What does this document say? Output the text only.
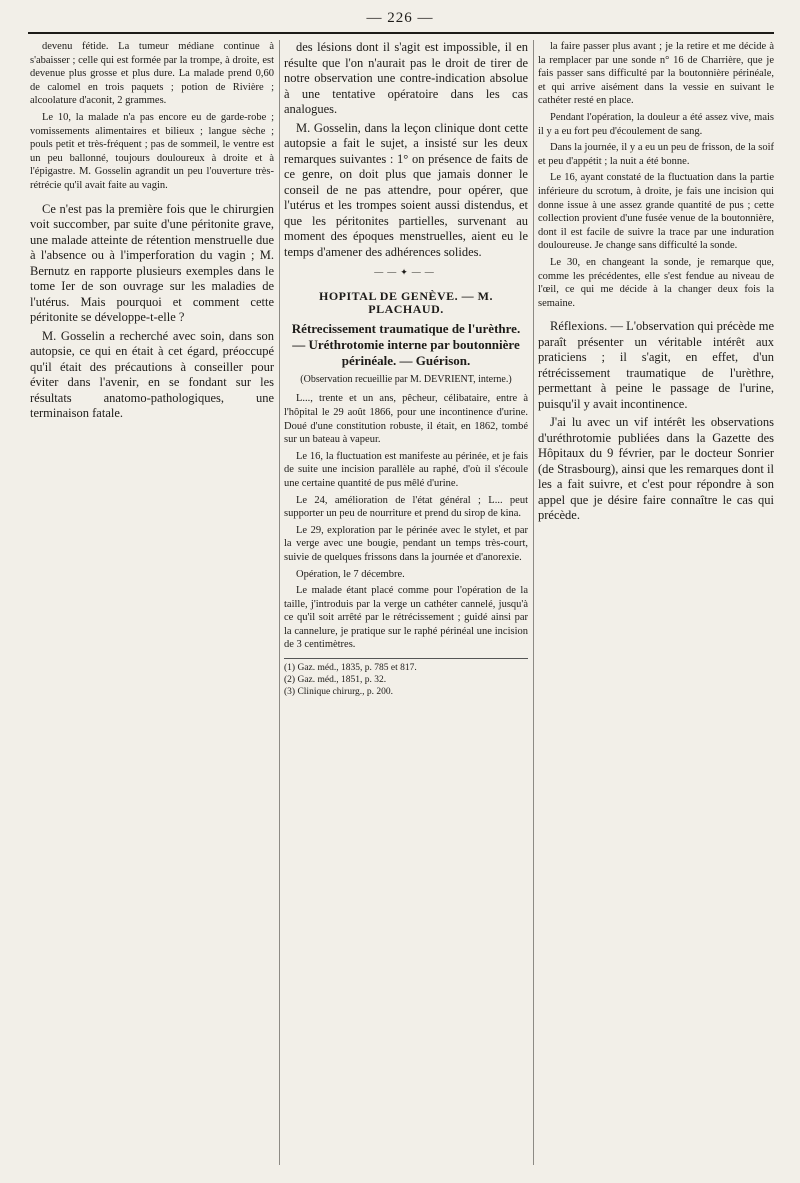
— 226 —

devenu fétide. La tumeur médiane continue à s'abaisser ; celle qui est formée par la trompe, à droite, est devenue plus grosse et plus dure. La malade prend 0,60 de calomel en trois paquets ; potion de Rivière ; alcoolature d'aconit, 2 grammes.

Le 10, la malade n'a pas encore eu de garde-robe ; vomissements alimentaires et bilieux ; langue sèche ; pouls petit et très-fréquent ; pas de sommeil, le ventre est un peu ballonné, toujours douloureux à droite et à l'épigastre. M. Gosselin agrandit un peu l'ouverture très-rétrécie qu'il avait faite au vagin.

Ce n'est pas la première fois que le chirurgien voit succomber, par suite d'une péritonite grave, une malade atteinte de rétention menstruelle due à l'absence ou à l'imperforation du vagin ; M. Bernutz en rapporte plusieurs exemples dans le tome Ier de son ouvrage sur les maladies de l'utérus. Mais pourquoi et comment cette péritonite se développe-t-elle ?

M. Gosselin a recherché avec soin, dans son autopsie, ce qui en était à cet égard, préoccupé qu'il était des précautions à conseiller pour éviter dans l'avenir, en se fondant sur les résultats anatomo-pathologiques, une terminaison fatale.

des lésions dont il s'agit est impossible, il en résulte que l'on n'aurait pas le droit de tirer de notre observation une contre-indication absolue à une tentative opératoire dans les cas analogues.

M. Gosselin, dans la leçon clinique dont cette autopsie a fait le sujet, a insisté sur les deux remarques suivantes : 1° on présence de faits de ce genre, on doit plus que jamais donner le conseil de ne pas attendre, pour opérer, que l'utérus et les trompes soient aussi distendus, et que les péritonites partielles, survenant au moment des époques menstruelles, aient eu le temps d'amener des adhérences solides.

——✦——

HOPITAL DE GENÈVE. — M. PLACHAUD.

Rétrecissement traumatique de l'urèthre. — Uréthrotomie interne par boutonnière périnéale. — Guérison.

(Observation recueillie par M. DEVRIENT, interne.)

L..., trente et un ans, pêcheur, célibataire, entre à l'hôpital le 29 août 1866, pour une incontinence d'urine. Doué d'une constitution robuste, il était, en 1862, tombé sur un bateau à vapeur.

Le 16, la fluctuation est manifeste au périnée, et je fais de suite une incision parallèle au raphé, d'où il s'écoule une certaine quantité de pus mêlé d'urine.

Le 24, amélioration de l'état général ; L... peut supporter un peu de nourriture et prend du sirop de kina.

Le 29, exploration par le périnée avec le stylet, et par la verge avec une bougie, pendant un temps très-court, suivie de quelques frissons dans la journée et d'anorexie.

Opération, le 7 décembre.

Le malade étant placé comme pour l'opération de la taille, j'introduis par la verge un cathéter cannelé, jusqu'à ce qu'il soit arrêté par le rétrécissement ; guidé ainsi par la cannelure, je pratique sur le raphé périnéal une incision de 3 centimètres.

(1) Gaz. méd., 1835, p. 785 et 817.
(2) Gaz. méd., 1851, p. 32.
(3) Clinique chirurg., p. 200.

la faire passer plus avant ; je la retire et me décide à la remplacer par une sonde n° 16 de Charrière, que je fais passer sans difficulté par la boutonnière périnéale, et qui arrive aisément dans la vessie en suivant le cathéter resté en place.

Pendant l'opération, la douleur a été assez vive, mais il y a eu fort peu d'écoulement de sang.

Dans la journée, il y a eu un peu de frisson, de la soif et peu d'appétit ; la nuit a été bonne.

Le 16, ayant constaté de la fluctuation dans la partie inférieure du scrotum, à droite, je fais une incision qui donne issue à une assez grande quantité de pus ; cette collection provient d'une fusée venue de la boutonnière, dont il est facile de suivre la trace par une induration douloureuse. Je change sans difficulté la sonde.

Le 30, en changeant la sonde, je remarque que, comme les précédentes, elle s'est fendue au niveau de l'œil, ce qui me décide à la changer deux fois la semaine.

Réflexions. — L'observation qui précède me paraît présenter un véritable intérêt aux praticiens ; il s'agit, en effet, d'un rétrécissement traumatique de l'urèthre, permettant à peine le passage de l'urine, puisqu'il y avait incontinence.

J'ai lu avec un vif intérêt les observations d'uréthrotomie publiées dans la Gazette des Hôpitaux du 9 février, par le docteur Sonrier (de Strasbourg), ainsi que les remarques dont il les a fait suivre, et c'est pour répondre à son appel que je désire faire connaître le cas qui précède.
